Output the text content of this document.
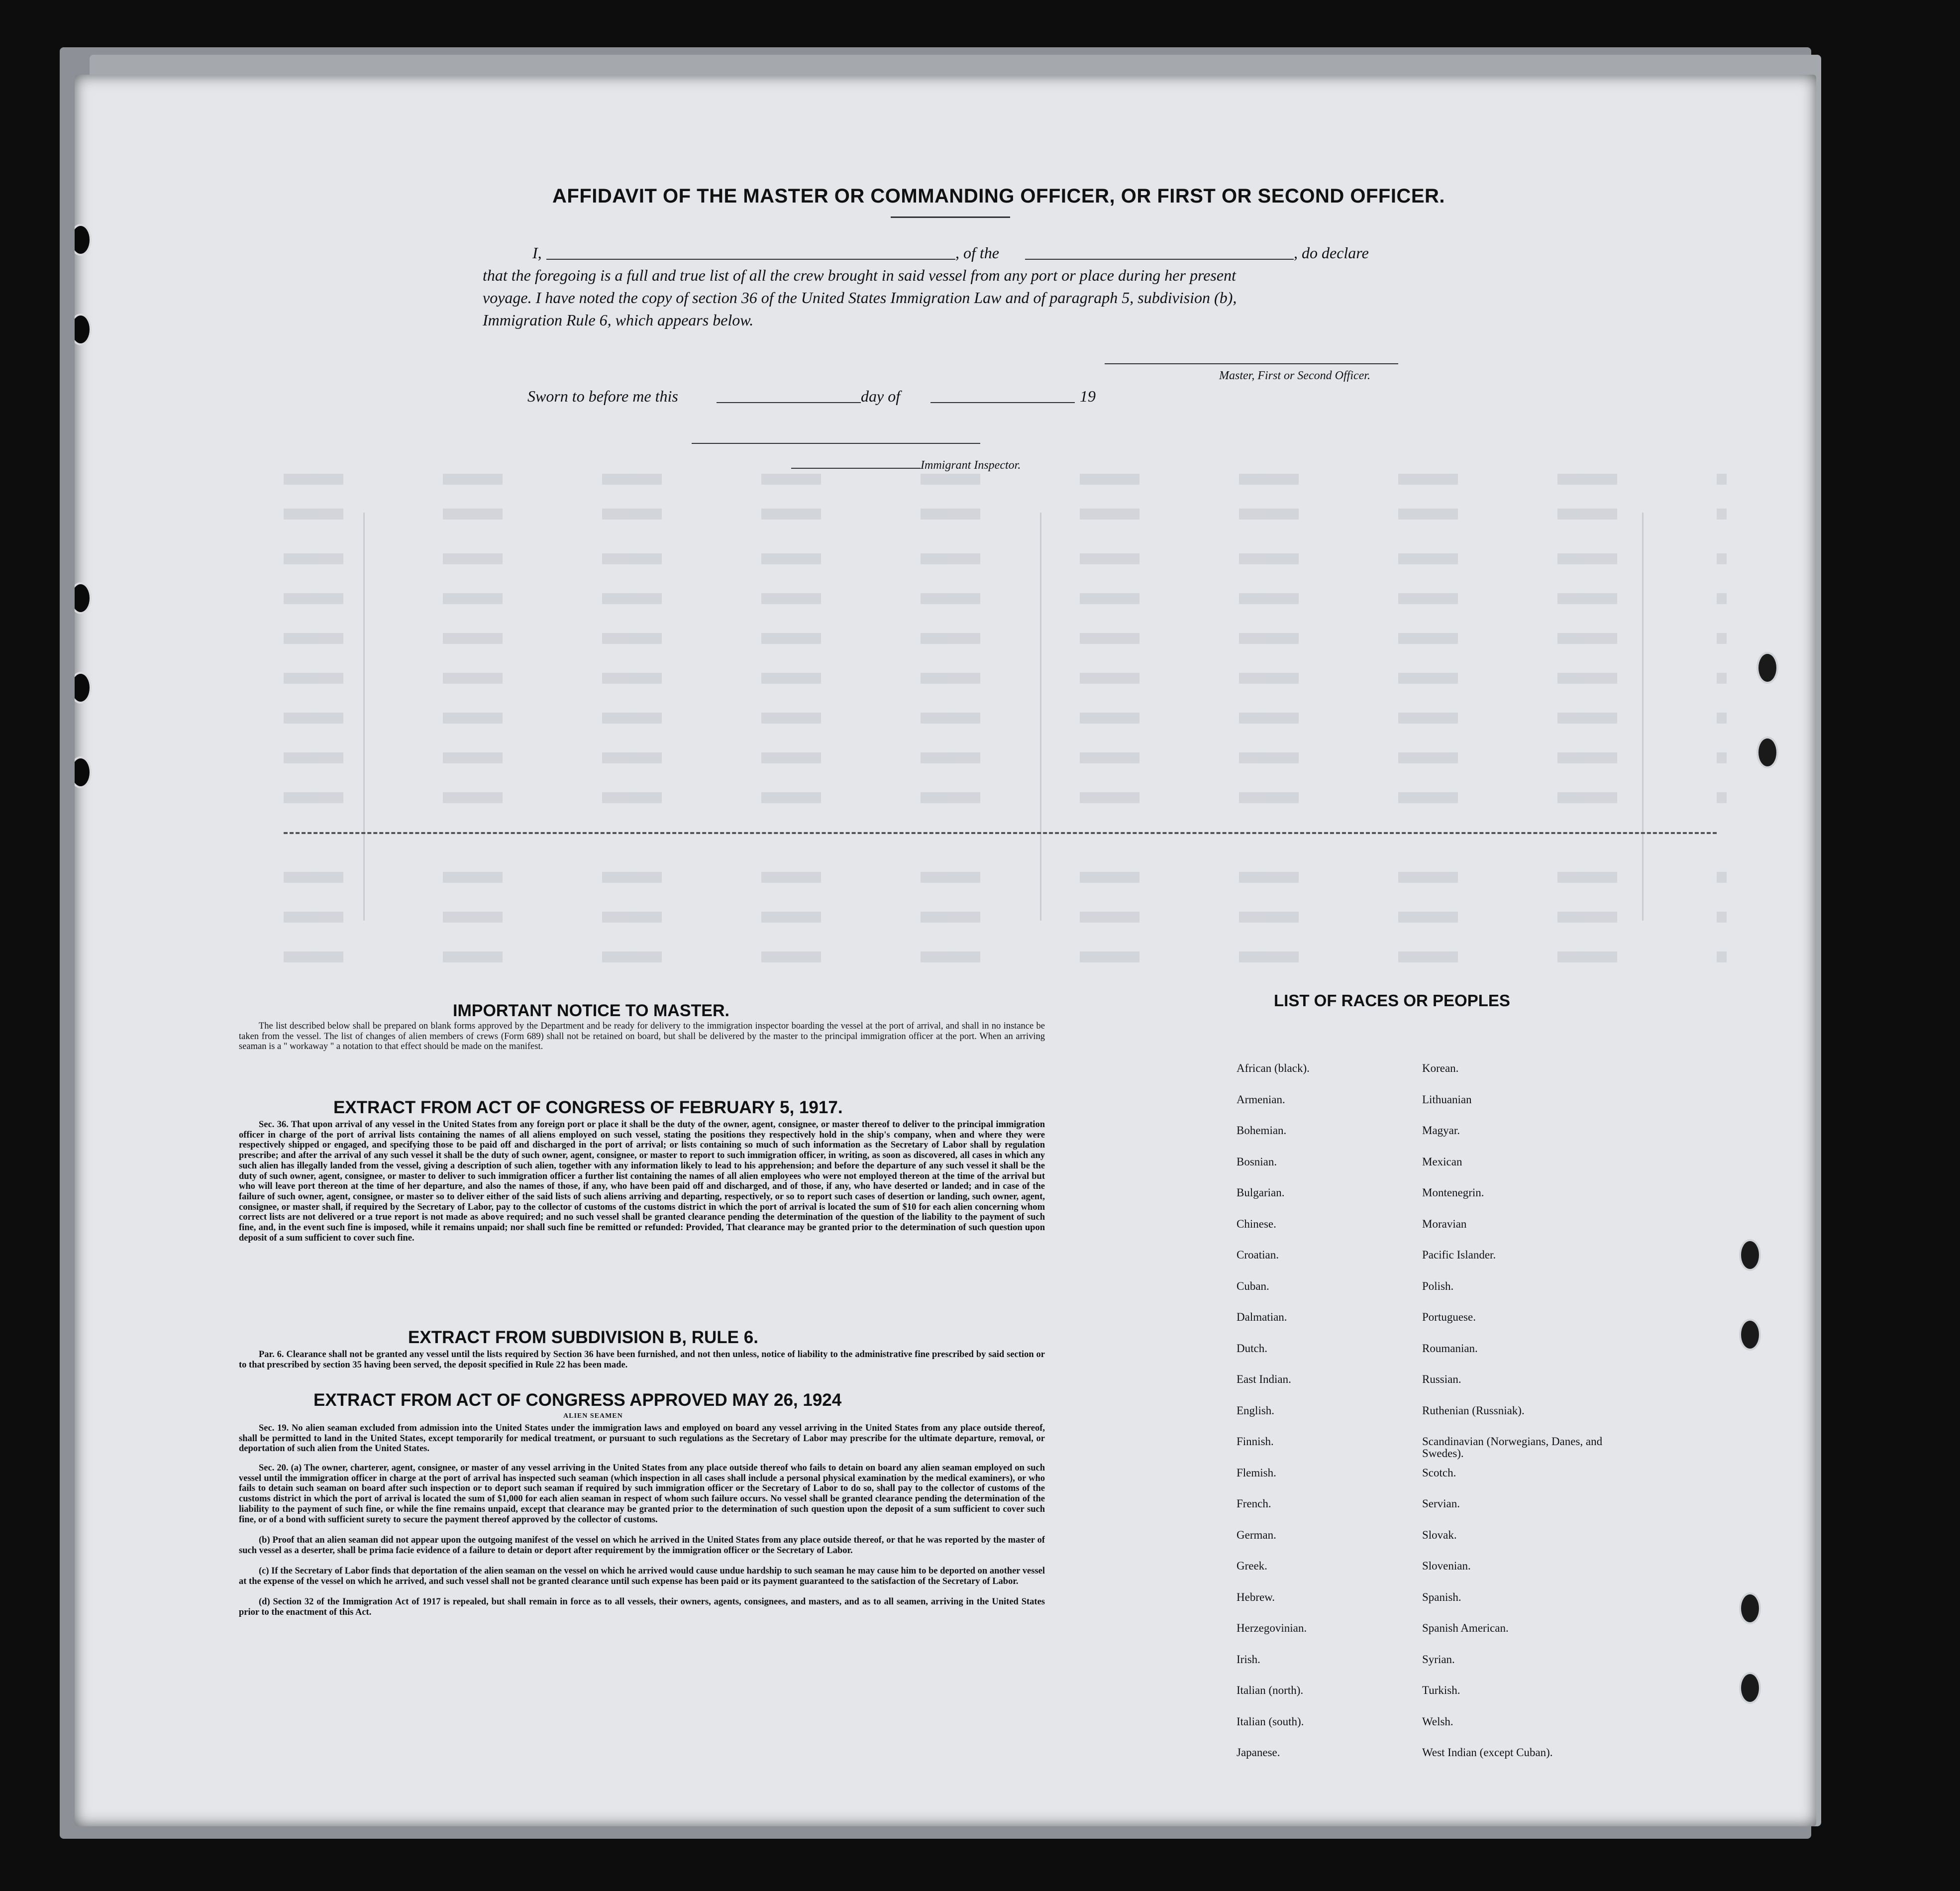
AFFIDAVIT OF THE MASTER OR COMMANDING OFFICER, OR FIRST OR SECOND OFFICER.
I,	, of the	, do declare
that the foregoing is a full and true list of all the crew brought in said vessel from any port or place during her present
voyage. I have noted the copy of section 36 of the United States Immigration Law and of paragraph 5, subdivision (b),
Immigration Rule 6, which appears below.
Master, First or Second Officer.
Sworn to before me this	day of	19
Immigrant Inspector.
IMPORTANT NOTICE TO MASTER.
The list described below shall be prepared on blank forms approved by the Department and be ready for delivery to the immigration inspector boarding the vessel at the port of arrival, and shall in no instance be taken from the vessel. The list of changes of alien members of crews (Form 689) shall not be retained on board, but shall be delivered by the master to the principal immigration officer at the port. When an arriving seaman is a " workaway " a notation to that effect should be made on the manifest.
EXTRACT FROM ACT OF CONGRESS OF FEBRUARY 5, 1917.
Sec. 36. That upon arrival of any vessel in the United States from any foreign port or place it shall be the duty of the owner, agent, consignee, or master thereof to deliver to the principal immigration officer in charge of the port of arrival lists containing the names of all aliens employed on such vessel, stating the positions they respectively hold in the ship's company, when and where they were respectively shipped or engaged, and specifying those to be paid off and discharged in the port of arrival; or lists containing so much of such information as the Secretary of Labor shall by regulation prescribe; and after the arrival of any such vessel it shall be the duty of such owner, agent, consignee, or master to report to such immigration officer, in writing, as soon as discovered, all cases in which any such alien has illegally landed from the vessel, giving a description of such alien, together with any information likely to lead to his apprehension; and before the departure of any such vessel it shall be the duty of such owner, agent, consignee, or master to deliver to such immigration officer a further list containing the names of all alien employees who were not employed thereon at the time of the arrival but who will leave port thereon at the time of her departure, and also the names of those, if any, who have been paid off and discharged, and of those, if any, who have deserted or landed; and in case of the failure of such owner, agent, consignee, or master so to deliver either of the said lists of such aliens arriving and departing, respectively, or so to report such cases of desertion or landing, such owner, agent, consignee, or master shall, if required by the Secretary of Labor, pay to the collector of customs of the customs district in which the port of arrival is located the sum of $10 for each alien concerning whom correct lists are not delivered or a true report is not made as above required; and no such vessel shall be granted clearance pending the determination of the question of the liability to the payment of such fine, and, in the event such fine is imposed, while it remains unpaid; nor shall such fine be remitted or refunded: Provided, That clearance may be granted prior to the determination of such question upon deposit of a sum sufficient to cover such fine.
EXTRACT FROM SUBDIVISION B, RULE 6.
Par. 6. Clearance shall not be granted any vessel until the lists required by Section 36 have been furnished, and not then unless, notice of liability to the administrative fine prescribed by said section or to that prescribed by section 35 having been served, the deposit specified in Rule 22 has been made.
EXTRACT FROM ACT OF CONGRESS APPROVED MAY 26, 1924
ALIEN SEAMEN
Sec. 19. No alien seaman excluded from admission into the United States under the immigration laws and employed on board any vessel arriving in the United States from any place outside thereof, shall be permitted to land in the United States, except temporarily for medical treatment, or pursuant to such regulations as the Secretary of Labor may prescribe for the ultimate departure, removal, or deportation of such alien from the United States.
Sec. 20. (a) The owner, charterer, agent, consignee, or master of any vessel arriving in the United States from any place outside thereof who fails to detain on board any alien seaman employed on such vessel until the immigration officer in charge at the port of arrival has inspected such seaman (which inspection in all cases shall include a personal physical examination by the medical examiners), or who fails to detain such seaman on board after such inspection or to deport such seaman if required by such immigration officer or the Secretary of Labor to do so, shall pay to the collector of customs of the customs district in which the port of arrival is located the sum of $1,000 for each alien seaman in respect of whom such failure occurs. No vessel shall be granted clearance pending the determination of the liability to the payment of such fine, or while the fine remains unpaid, except that clearance may be granted prior to the determination of such question upon the deposit of a sum sufficient to cover such fine, or of a bond with sufficient surety to secure the payment thereof approved by the collector of customs.
(b) Proof that an alien seaman did not appear upon the outgoing manifest of the vessel on which he arrived in the United States from any place outside thereof, or that he was reported by the master of such vessel as a deserter, shall be prima facie evidence of a failure to detain or deport after requirement by the immigration officer or the Secretary of Labor.
(c) If the Secretary of Labor finds that deportation of the alien seaman on the vessel on which he arrived would cause undue hardship to such seaman he may cause him to be deported on another vessel at the expense of the vessel on which he arrived, and such vessel shall not be granted clearance until such expense has been paid or its payment guaranteed to the satisfaction of the Secretary of Labor.
(d) Section 32 of the Immigration Act of 1917 is repealed, but shall remain in force as to all vessels, their owners, agents, consignees, and masters, and as to all seamen, arriving in the United States prior to the enactment of this Act.
LIST OF RACES OR PEOPLES
African (black).
Armenian.
Bohemian.
Bosnian.
Bulgarian.
Chinese.
Croatian.
Cuban.
Dalmatian.
Dutch.
East Indian.
English.
Finnish.
Flemish.
French.
German.
Greek.
Hebrew.
Herzegovinian.
Irish.
Italian (north).
Italian (south).
Japanese.
Korean.
Lithuanian
Magyar.
Mexican
Montenegrin.
Moravian
Pacific Islander.
Polish.
Portuguese.
Roumanian.
Russian.
Ruthenian (Russniak).
Scandinavian (Norwegians, Danes, and Swedes).
Scotch.
Servian.
Slovak.
Slovenian.
Spanish.
Spanish American.
Syrian.
Turkish.
Welsh.
West Indian (except Cuban).
